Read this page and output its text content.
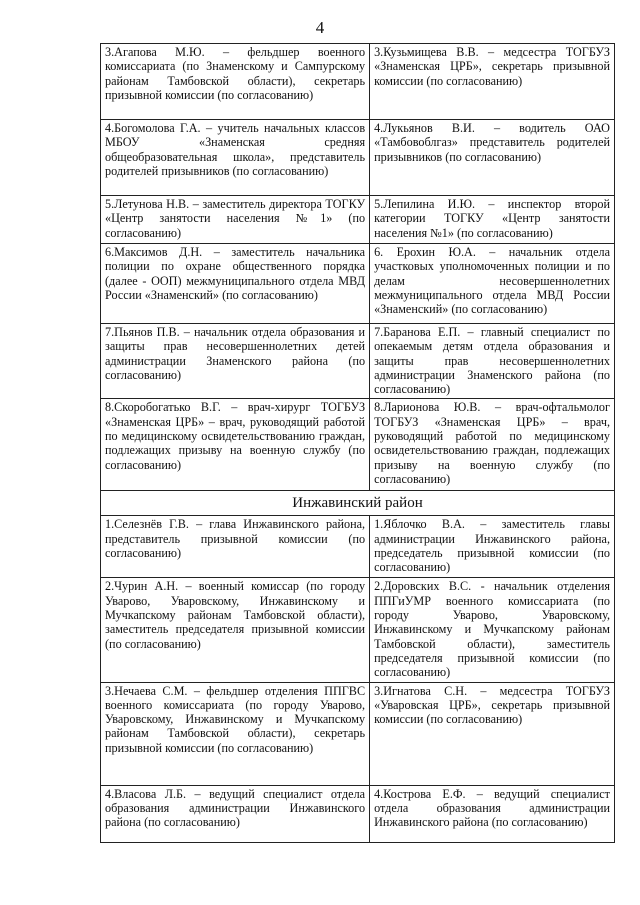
4
3.Агапова М.Ю. – фельдшер военного комиссариата (по Знаменскому и Сампурскому районам Тамбовской области), секретарь призывной комиссии (по согласованию)	3.Кузьмищева В.В. – медсестра ТОГБУЗ «Знаменская ЦРБ», секретарь призывной комиссии (по согласованию)

4.Богомолова Г.А. – учитель начальных классов МБОУ «Знаменская средняя общеобразовательная школа», представитель родителей призывников (по согласованию)	4.Лукьянов В.И. – водитель ОАО «Тамбовоблгаз» представитель родителей призывников (по согласованию)

5.Летунова Н.В. – заместитель директора ТОГКУ «Центр занятости населения №1» (по согласованию)	5.Лепилина И.Ю. – инспектор второй категории ТОГКУ «Центр занятости населения №1» (по согласованию)

6.Максимов Д.Н. – заместитель начальника полиции по охране общественного порядка (далее - ООП) межмуниципального отдела МВД России «Знаменский» (по согласованию)	6. Ерохин Ю.А. – начальник отдела участковых уполномоченных полиции и по делам несовершеннолетних межмуниципального отдела МВД России «Знаменский» (по согласованию)

7.Пьянов П.В. – начальник отдела образования и защиты прав несовершеннолетних детей администрации Знаменского района (по согласованию)	7.Баранова Е.П. – главный специалист по опекаемым детям отдела образования и защиты прав несовершеннолетних администрации Знаменского района (по согласованию)

8.Скоробогатько В.Г. – врач-хирург ТОГБУЗ «Знаменская ЦРБ» – врач, руководящий работой по медицинскому освидетельствованию граждан, подлежащих призыву на военную службу (по согласованию)	8.Ларионова Ю.В. – врач-офтальмолог ТОГБУЗ «Знаменская ЦРБ» – врач, руководящий работой по медицинскому освидетельствованию граждан, подлежащих призыву на военную службу (по согласованию)

Инжавинский район	

1.Селезнёв Г.В. – глава Инжавинского района, представитель призывной комиссии (по согласованию)	1.Яблочко В.А. – заместитель главы администрации Инжавинского района, председатель призывной комиссии (по согласованию)

2.Чурин А.Н. – военный комиссар (по городу Уварово, Уваровскому, Инжавинскому и Мучкапскому районам Тамбовской области), заместитель председателя призывной комиссии (по согласованию)	2.Доровских В.С. - начальник отделения ППГиУМР военного комиссариата (по городу Уварово, Уваровскому, Инжавинскому и Мучкапскому районам Тамбовской области), заместитель председателя призывной комиссии (по согласованию)

3.Нечаева С.М. – фельдшер отделения ППГВС военного комиссариата (по городу Уварово, Уваровскому, Инжавинскому и Мучкапскому районам Тамбовской области), секретарь призывной комиссии (по согласованию)	3.Игнатова С.Н. – медсестра ТОГБУЗ «Уваровская ЦРБ», секретарь призывной комиссии (по согласованию)

4.Власова Л.Б. – ведущий специалист отдела образования администрации Инжавинского района (по согласованию)	4.Кострова Е.Ф. – ведущий специалист отдела образования администрации Инжавинского района (по согласованию)
